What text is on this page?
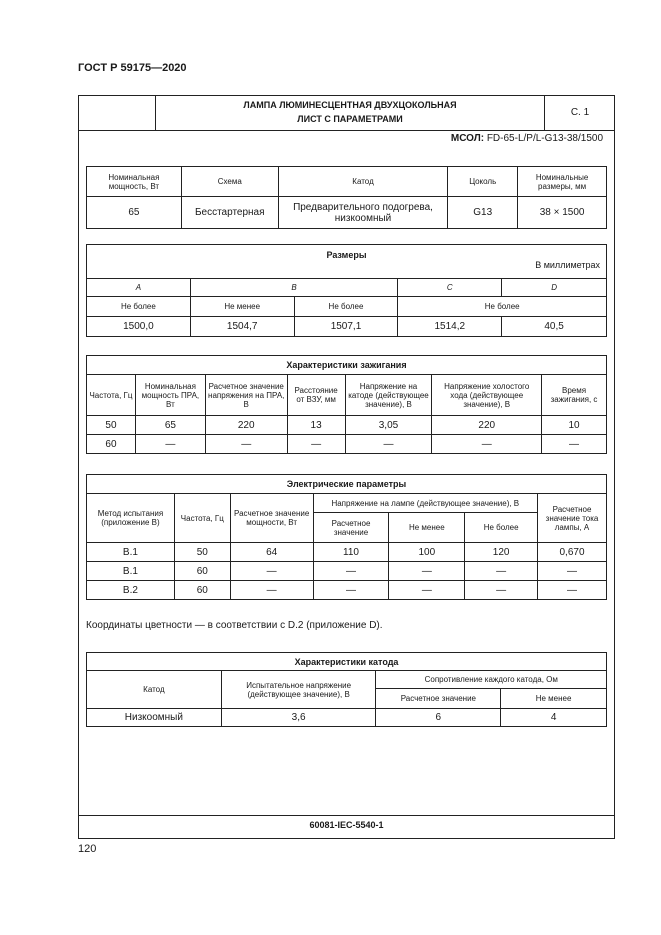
ГОСТ Р 59175—2020
ЛАМПА ЛЮМИНЕСЦЕНТНАЯ ДВУХЦОКОЛЬНАЯ
ЛИСТ С ПАРАМЕТРАМИ
С. 1
МСОЛ: FD-65-L/P/L-G13-38/1500
Номинальная мощность, Вт	Схема	Катод	Цоколь	Номинальные размеры, мм
65	Бесстартерная	Предварительного подогрева, низкоомный	G13	38 × 1500
Размеры
В миллиметрах				

A	B		C	D
Не более	Не менее	Не более	Не более	
1500,0	1504,7	1507,1	1514,2	40,5
Характеристики зажигания						
Частота, Гц	Номинальная мощность ПРА, Вт	Расчетное значение напряжения на ПРА, В	Расстояние от ВЗУ, мм	Напряжение на катоде (действующее значение), В	Напряжение холостого хода (действующее значение), В	Время зажигания, с
50	65	220	13	3,05	220	10
60	—	—	—	—	—	—
Электрические параметры						
Метод испытания (приложение В)	Частота, Гц	Расчетное значение мощности, Вт	Напряжение на лампе (действующее значение), В			Расчетное значение тока лампы, А
			Расчетное значение	Не менее	Не более	
В.1	50	64	110	100	120	0,670
В.1	60	—	—	—	—	—
В.2	60	—	—	—	—	—
Координаты цветности — в соответствии с D.2 (приложение D).
Характеристики катода			
Катод	Испытательное напряжение (действующее значение), В	Сопротивление каждого катода, Ом	
		Расчетное значение	Не менее
Низкоомный	3,6	6	4
60081-IEC-5540-1
120
